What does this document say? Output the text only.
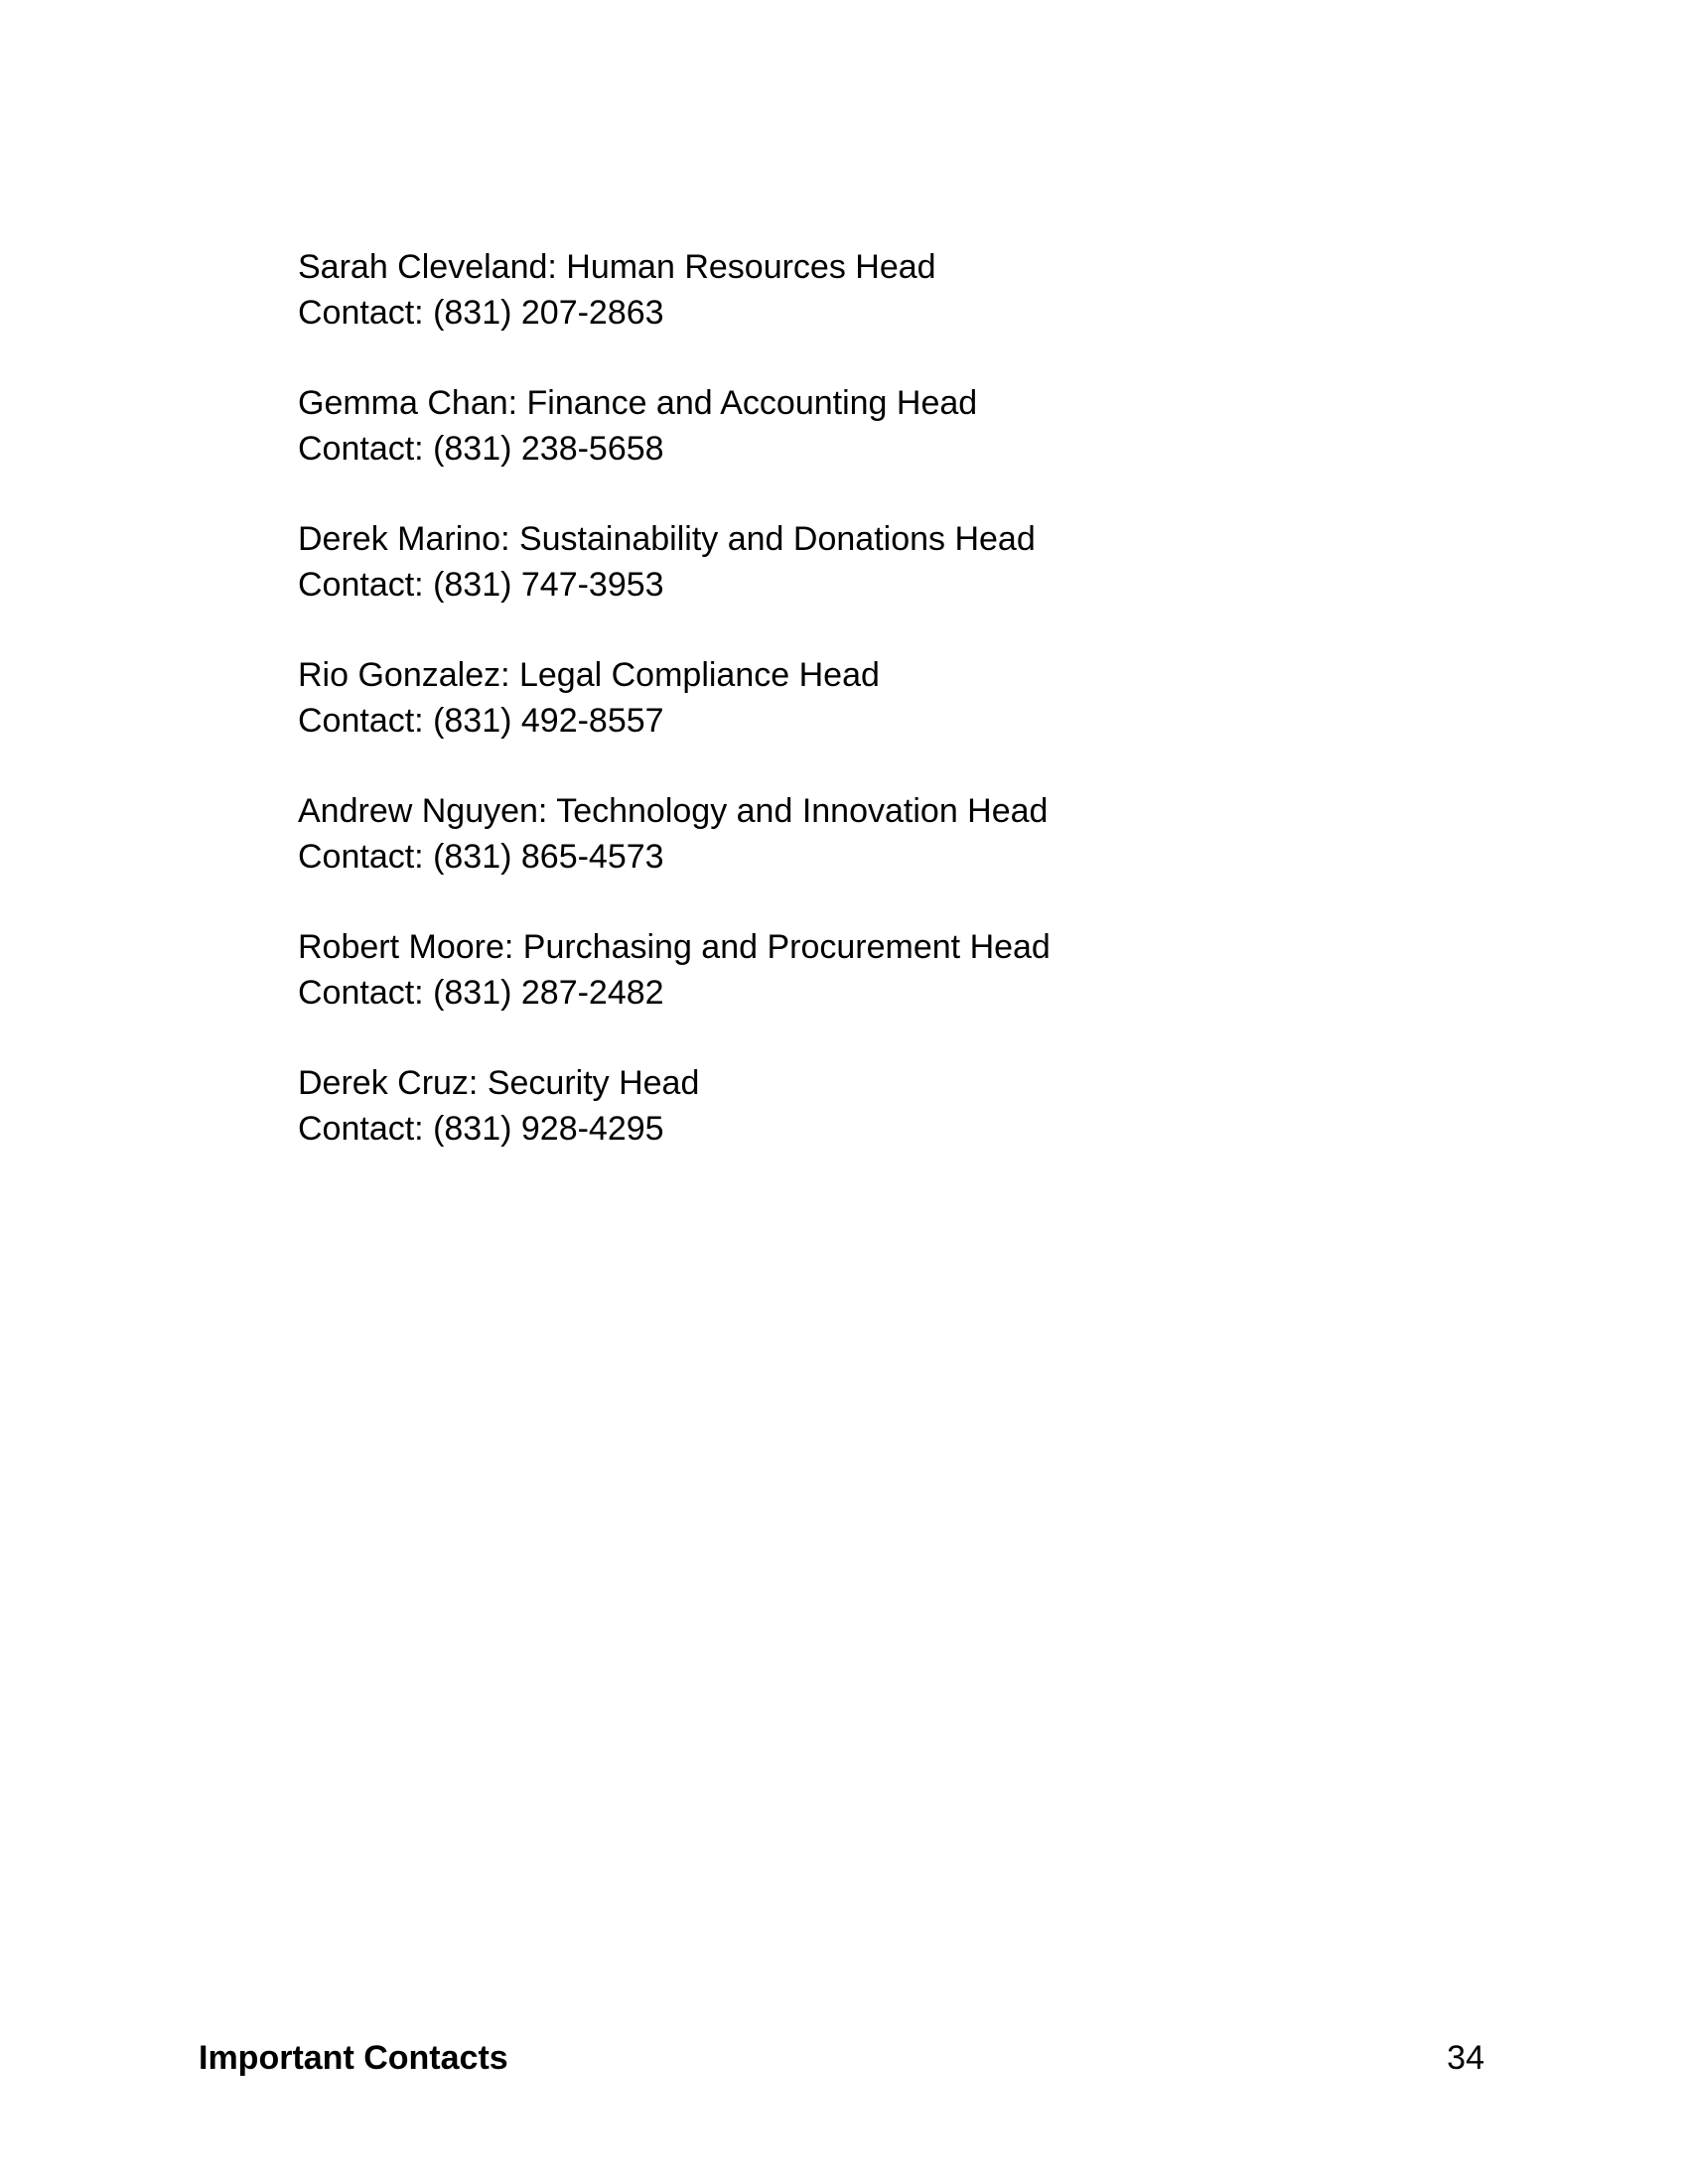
Sarah Cleveland: Human Resources Head
Contact: (831) 207-2863
Gemma Chan: Finance and Accounting Head
Contact: (831) 238-5658
Derek Marino: Sustainability and Donations Head
Contact: (831) 747-3953
Rio Gonzalez: Legal Compliance Head
Contact: (831) 492-8557
Andrew Nguyen: Technology and Innovation Head
Contact: (831) 865-4573
Robert Moore: Purchasing and Procurement Head
Contact: (831) 287-2482
Derek Cruz: Security Head
Contact: (831) 928-4295
Important Contacts	34
